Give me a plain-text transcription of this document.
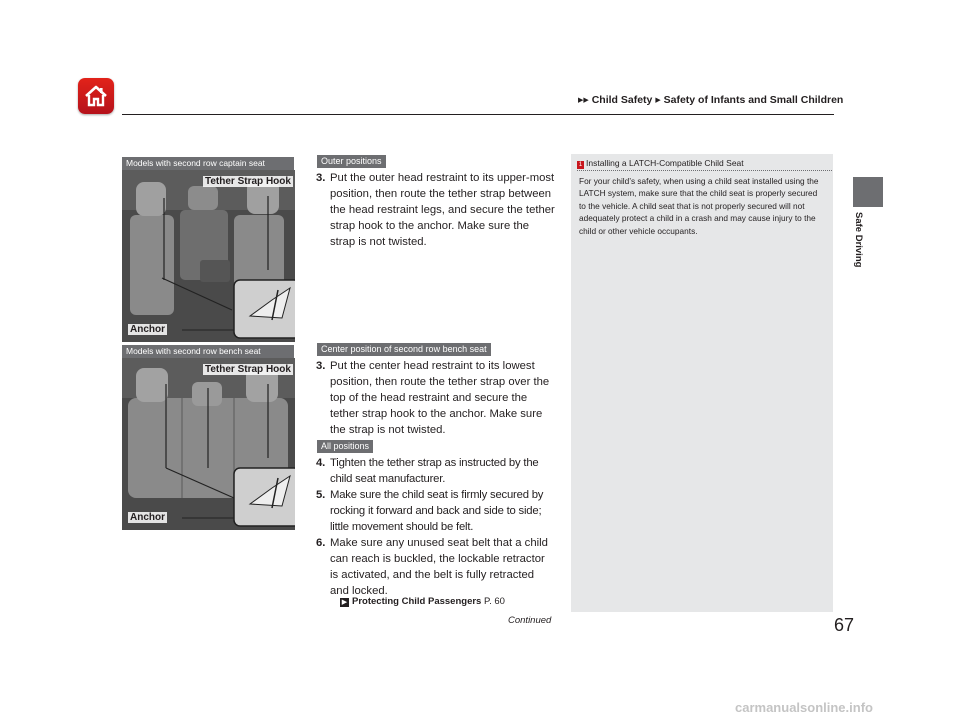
▶▶ Child Safety ▶ Safety of Infants and Small Children
Safe Driving
Models with second row captain seat
Tether Strap Hook
Anchor
Models with second row bench seat
Tether Strap Hook
Anchor
Outer positions
3. Put the outer head restraint to its upper-most position, then route the tether strap between the head restraint legs, and secure the tether strap hook to the anchor. Make sure the strap is not twisted.
Center position of second row bench seat
3. Put the center head restraint to its lowest position, then route the tether strap over the top of the head restraint and secure the tether strap hook to the anchor. Make sure the strap is not twisted.
All positions
4. Tighten the tether strap as instructed by the child seat manufacturer.
5. Make sure the child seat is firmly secured by rocking it forward and back and side to side; little movement should be felt.
6. Make sure any unused seat belt that a child can reach is buckled, the lockable retractor is activated, and the belt is fully retracted and locked.
▶ Protecting Child Passengers P. 60
1 Installing a LATCH-Compatible Child Seat
For your child’s safety, when using a child seat installed using the LATCH system, make sure that the child seat is properly secured to the vehicle. A child seat that is not properly secured will not adequately protect a child in a crash and may cause injury to the child or other vehicle occupants.
Continued	67
carmanualsonline.info
